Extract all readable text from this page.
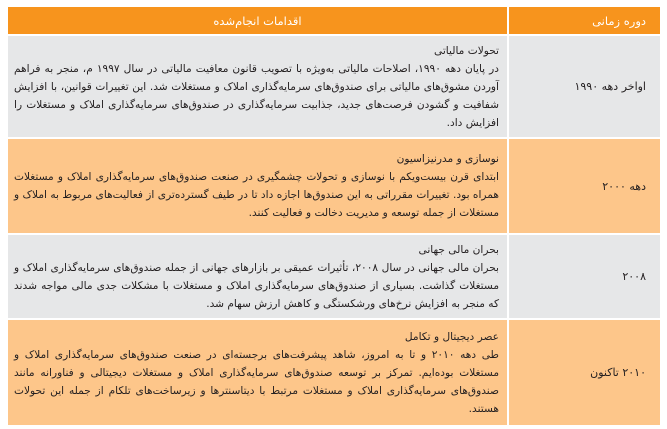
دوره زمانی	اقدامات انجام‌شده
اواخر دهه ۱۹۹۰	تحولات مالیاتی
در پایان دهه ۱۹۹۰، اصلاحات مالیاتی به‌ویژه با تصویب قانون معافیت مالیاتی در سال ۱۹۹۷ م، منجر به فراهم آوردن مشوق‌های مالیاتی برای صندوق‌های سرمایه‌گذاری املاک و مستغلات شد. این تغییرات قوانین، با افزایش شفافیت و گشودن فرصت‌های جدید، جذابیت سرمایه‌گذاری در صندوق‌های سرمایه‌گذاری املاک و مستغلات را افزایش داد.

دهه ۲۰۰۰	نوسازی و مدرنیزاسیون
ابتدای قرن بیست‌ویکم با نوسازی و تحولات چشمگیری در صنعت صندوق‌های سرمایه‌گذاری املاک و مستغلات همراه بود. تغییرات مقرراتی به این صندوق‌ها اجازه داد تا در طیف گسترده‌تری از فعالیت‌های مربوط به املاک و مستغلات از جمله توسعه و مدیریت دخالت و فعالیت کنند.

۲۰۰۸	بحران مالی جهانی
بحران مالی جهانی در سال ۲۰۰۸، تأثیرات عمیقی بر بازارهای جهانی از جمله صندوق‌های سرمایه‌گذاری املاک و مستغلات گذاشت. بسیاری از صندوق‌های سرمایه‌گذاری املاک و مستغلات با مشکلات جدی مالی مواجه شدند که منجر به افزایش نرخ‌های ورشکستگی و کاهش ارزش سهام شد.

۲۰۱۰ تاکنون	عصر دیجیتال و تکامل
طی دهه ۲۰۱۰ و تا به امروز، شاهد پیشرفت‌های برجسته‌ای در صنعت صندوق‌های سرمایه‌گذاری املاک و مستغلات بوده‌ایم. تمرکز بر توسعه صندوق‌های سرمایه‌گذاری املاک و مستغلات دیجیتالی و فناورانه مانند صندوق‌های سرمایه‌گذاری املاک و مستغلات مرتبط با دیتاسنترها و زیرساخت‌های تلکام از جمله این تحولات هستند.
